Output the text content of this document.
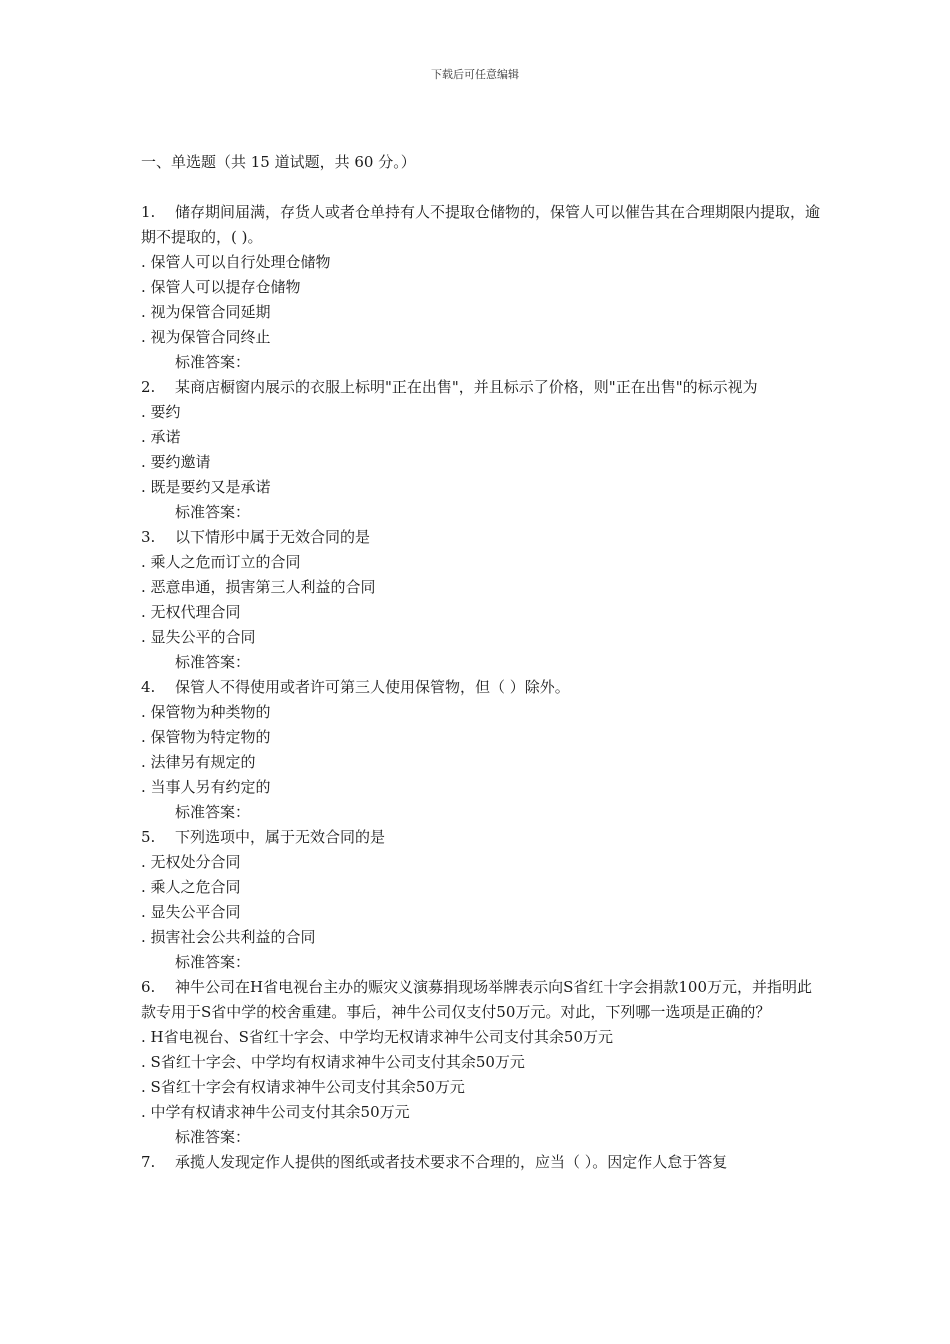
下载后可任意编辑
一、单选题（共 15 道试题，共 60 分。）
1. 储存期间届满，存货人或者仓单持有人不提取仓储物的，保管人可以催告其在合理期限内提取，逾期不提取的，( )。
. 保管人可以自行处理仓储物
. 保管人可以提存仓储物
. 视为保管合同延期
. 视为保管合同终止
标准答案：
2. 某商店橱窗内展示的衣服上标明"正在出售"，并且标示了价格，则"正在出售"的标示视为
. 要约
. 承诺
. 要约邀请
. 既是要约又是承诺
标准答案：
3. 以下情形中属于无效合同的是
. 乘人之危而订立的合同
. 恶意串通，损害第三人利益的合同
. 无权代理合同
. 显失公平的合同
标准答案：
4. 保管人不得使用或者许可第三人使用保管物，但（ ）除外。
. 保管物为种类物的
. 保管物为特定物的
. 法律另有规定的
. 当事人另有约定的
标准答案：
5. 下列选项中，属于无效合同的是
. 无权处分合同
. 乘人之危合同
. 显失公平合同
. 损害社会公共利益的合同
标准答案：
6. 神牛公司在H省电视台主办的赈灾义演募捐现场举牌表示向S省红十字会捐款100万元，并指明此款专用于S省中学的校舍重建。事后，神牛公司仅支付50万元。对此，下列哪一选项是正确的？
. H省电视台、S省红十字会、中学均无权请求神牛公司支付其余50万元
. S省红十字会、中学均有权请求神牛公司支付其余50万元
. S省红十字会有权请求神牛公司支付其余50万元
. 中学有权请求神牛公司支付其余50万元
标准答案：
7. 承揽人发现定作人提供的图纸或者技术要求不合理的，应当（ ）。因定作人怠于答复
